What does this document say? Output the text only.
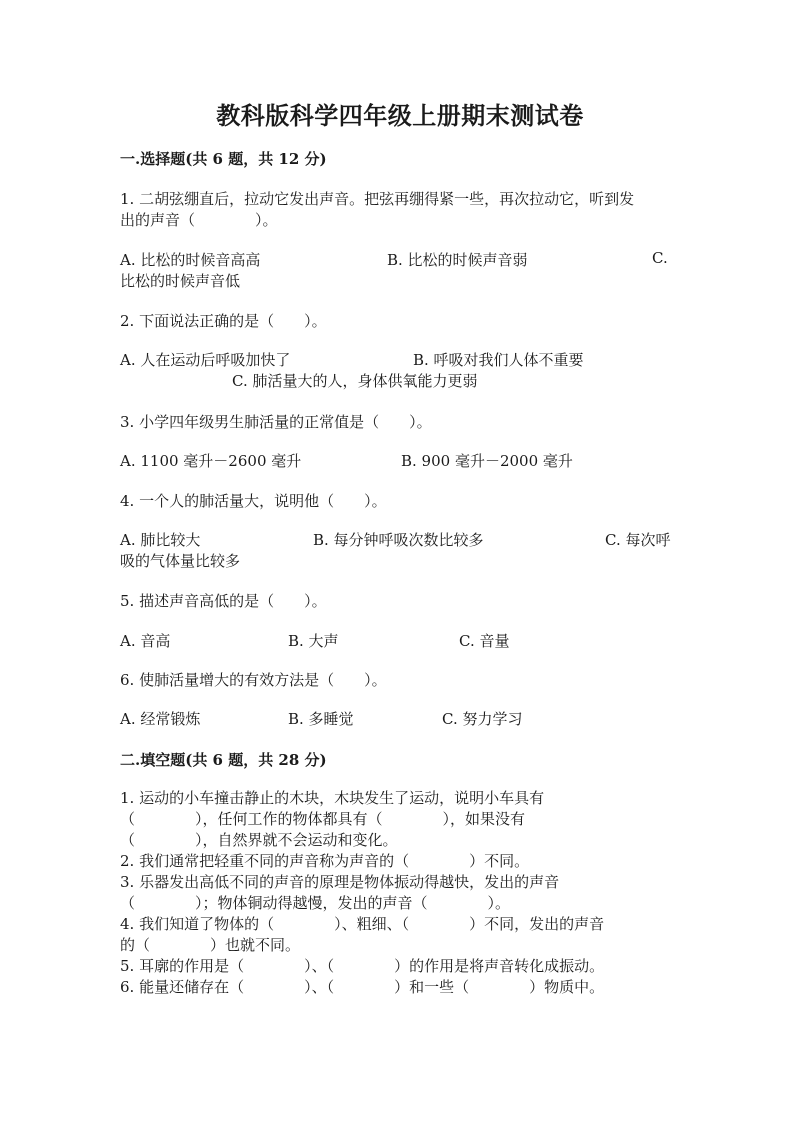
教科版科学四年级上册期末测试卷
一.选择题(共 6 题，共 12 分)
1. 二胡弦绷直后，拉动它发出声音。把弦再绷得紧一些，再次拉动它，听到发
出的声音（　　　　）。
A. 比松的时候音高高	B. 比松的时候声音弱	C.
比松的时候声音低
2. 下面说法正确的是（　　）。
A. 人在运动后呼吸加快了	B. 呼吸对我们人体不重要
C. 肺活量大的人，身体供氧能力更弱
3. 小学四年级男生肺活量的正常值是（　　）。
A. 1100 毫升－2600 毫升	B. 900 毫升－2000 毫升
4. 一个人的肺活量大，说明他（　　）。
A. 肺比较大	B. 每分钟呼吸次数比较多	C. 每次呼
吸的气体量比较多
5. 描述声音高低的是（　　）。
A. 音高	B. 大声	C. 音量
6. 使肺活量增大的有效方法是（　　）。
A. 经常锻炼	B. 多睡觉	C. 努力学习
二.填空题(共 6 题，共 28 分)
1. 运动的小车撞击静止的木块，木块发生了运动，说明小车具有
（　　　　），任何工作的物体都具有（　　　　），如果没有
（　　　　），自然界就不会运动和变化。
2. 我们通常把轻重不同的声音称为声音的（　　　　）不同。
3. 乐器发出高低不同的声音的原理是物体振动得越快，发出的声音
（　　　　）；物体铜动得越慢，发出的声音（　　　　）。
4. 我们知道了物体的（　　　　）、粗细、（　　　　）不同，发出的声音
的（　　　　）也就不同。
5. 耳廓的作用是（　　　　）、（　　　　）的作用是将声音转化成振动。
6. 能量还储存在（　　　　）、（　　　　）和一些（　　　　）物质中。
